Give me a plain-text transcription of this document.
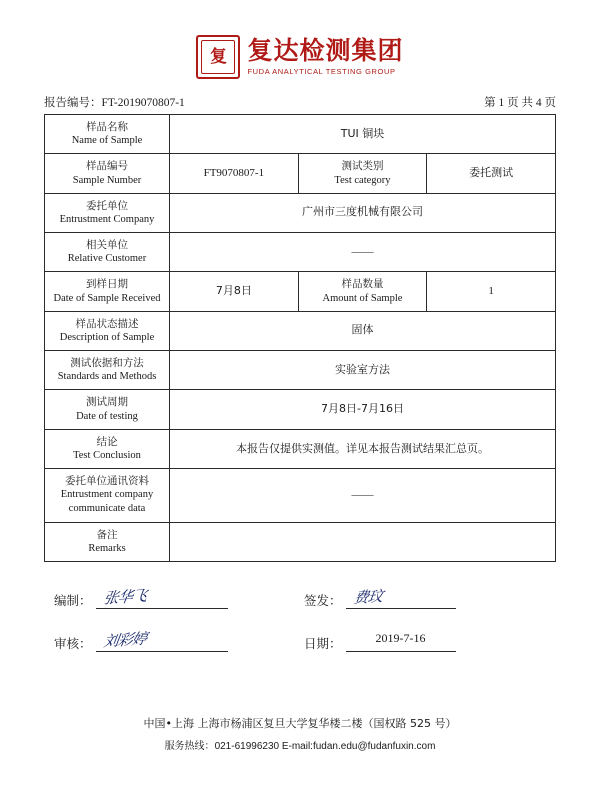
复 复达检测集团
FUDA ANALYTICAL TESTING GROUP
报告编号：FT-2019070807-1	第 1 页 共 4 页
样品名称
Name of Sample	TUI 铜块		

样品编号
Sample Number	FT9070807-1	测试类别
Test category	委托测试

委托单位
Entrustment Company	广州市三度机械有限公司		

相关单位
Relative Customer	——		

到样日期
Date of Sample Received	7月8日	样品数量
Amount of Sample	1

样品状态描述
Description of Sample	固体		

测试依据和方法
Standards and Methods	实验室方法		

测试周期
Date of testing	7月8日-7月16日		

结论
Test Conclusion	本报告仅提供实测值。详见本报告测试结果汇总页。		

委托单位通讯资料
Entrustment company communicate data	——		

备注
Remarks			

编制： 张华飞	签发： 费玟
审核： 刘彩婷	日期：	2019-7-16
中国•上海 上海市杨浦区复旦大学复华楼二楼（国权路 525 号）
服务热线：021-61996230 E-mail:fudan.edu@fudanfuxin.com
